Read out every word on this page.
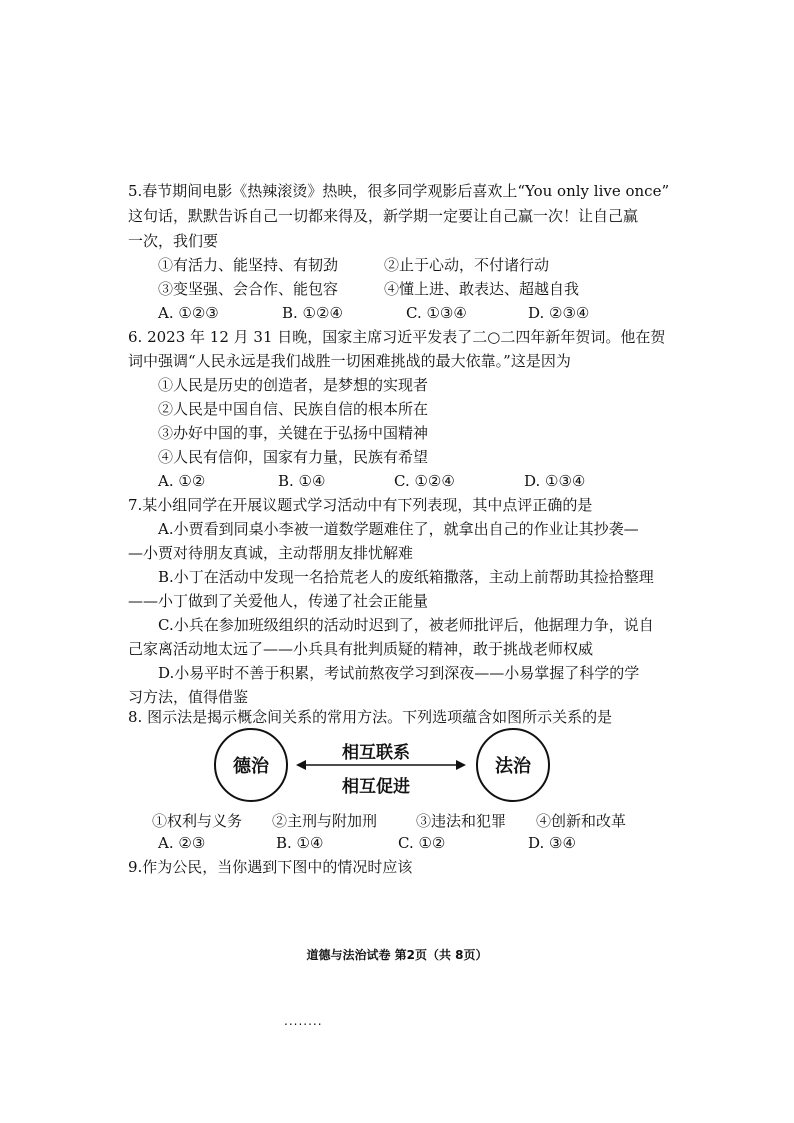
5.春节期间电影《热辣滚烫》热映，很多同学观影后喜欢上“You only live once”
这句话，默默告诉自己一切都来得及，新学期一定要让自己赢一次！让自己赢
一次，我们要
①有活力、能坚持、有韧劲	②止于心动，不付诸行动
③变坚强、会合作、能包容	④懂上进、敢表达、超越自我
A. ①②③	B. ①②④	C. ①③④	D. ②③④
6. 2023 年 12 月 31 日晚，国家主席习近平发表了二○二四年新年贺词。他在贺
词中强调“人民永远是我们战胜一切困难挑战的最大依靠。”这是因为
①人民是历史的创造者，是梦想的实现者
②人民是中国自信、民族自信的根本所在
③办好中国的事，关键在于弘扬中国精神
④人民有信仰，国家有力量，民族有希望
A. ①②	B. ①④	C. ①②④	D. ①③④
7.某小组同学在开展议题式学习活动中有下列表现，其中点评正确的是
A.小贾看到同桌小李被一道数学题难住了，就拿出自己的作业让其抄袭—
—小贾对待朋友真诚，主动帮朋友排忧解难
B.小丁在活动中发现一名拾荒老人的废纸箱撒落，主动上前帮助其捡拾整理
——小丁做到了关爱他人，传递了社会正能量
C.小兵在参加班级组织的活动时迟到了，被老师批评后，他据理力争，说自
己家离活动地太远了——小兵具有批判质疑的精神，敢于挑战老师权威
D.小易平时不善于积累，考试前熬夜学习到深夜——小易掌握了科学的学
习方法，值得借鉴
8. 图示法是揭示概念间关系的常用方法。下列选项蕴含如图所示关系的是
德治	法治
相互联系
相互促进
①权利与义务 ②主刑与附加刑	③违法和犯罪 ④创新和改革
A. ②③	B. ①④	C. ①②	D. ③④
9.作为公民，当你遇到下图中的情况时应该
道德与法治试卷 第2页（共 8页）
........
